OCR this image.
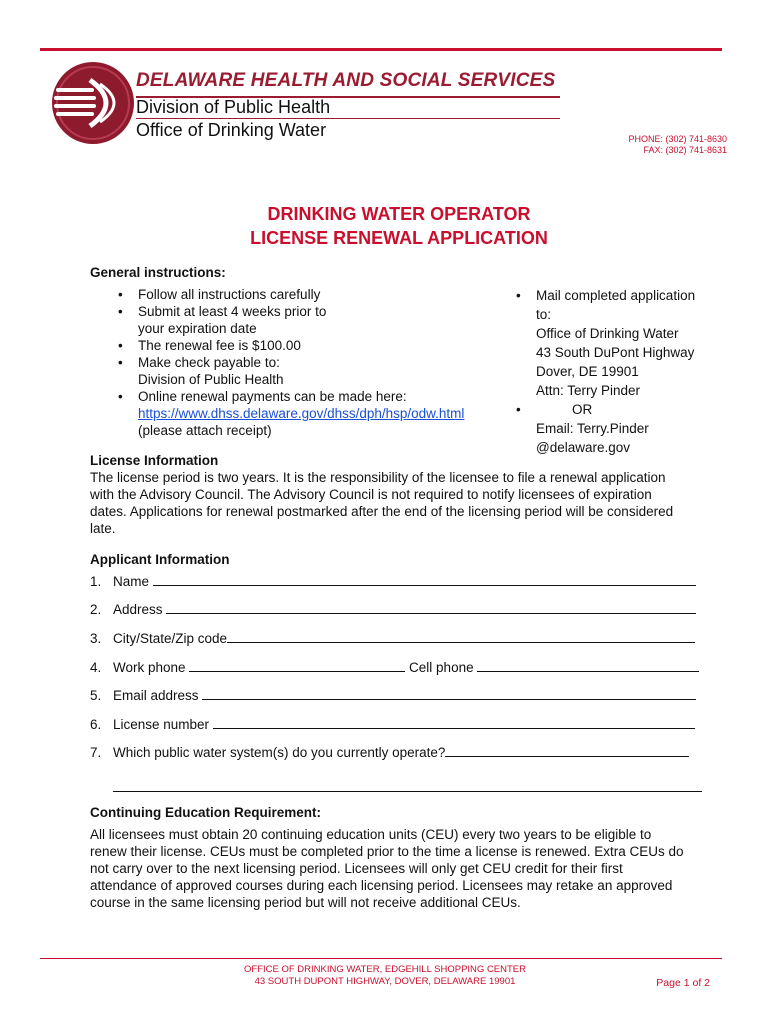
DELAWARE HEALTH AND SOCIAL SERVICES
Division of Public Health
Office of Drinking Water	PHONE: (302) 741-8630
FAX: (302) 741-8631
DRINKING WATER OPERATOR
LICENSE RENEWAL APPLICATION
General instructions:
• Follow all instructions carefully
• Submit at least 4 weeks prior to
your expiration date
• The renewal fee is $100.00
• Make check payable to:
Division of Public Health
• Online renewal payments can be made here:
https://www.dhss.delaware.gov/dhss/dph/hsp/odw.html
(please attach receipt)
• Mail completed application
to:
Office of Drinking Water
43 South DuPont Highway
Dover, DE 19901
Attn: Terry Pinder
•	OR
Email: Terry.Pinder
@delaware.gov
License Information
The license period is two years. It is the responsibility of the licensee to file a renewal application
with the Advisory Council. The Advisory Council is not required to notify licensees of expiration
dates. Applications for renewal postmarked after the end of the licensing period will be considered
late.
Applicant Information
1. Name
2. Address
3. City/State/Zip code
4. Work phone	Cell phone
5. Email address
6. License number
7. Which public water system(s) do you currently operate?
Continuing Education Requirement:
All licensees must obtain 20 continuing education units (CEU) every two years to be eligible to
renew their license. CEUs must be completed prior to the time a license is renewed. Extra CEUs do
not carry over to the next licensing period. Licensees will only get CEU credit for their first
attendance of approved courses during each licensing period. Licensees may retake an approved
course in the same licensing period but will not receive additional CEUs.
OFFICE OF DRINKING WATER, EDGEHILL SHOPPING CENTER
43 SOUTH DUPONT HIGHWAY, DOVER, DELAWARE 19901	Page 1 of 2
